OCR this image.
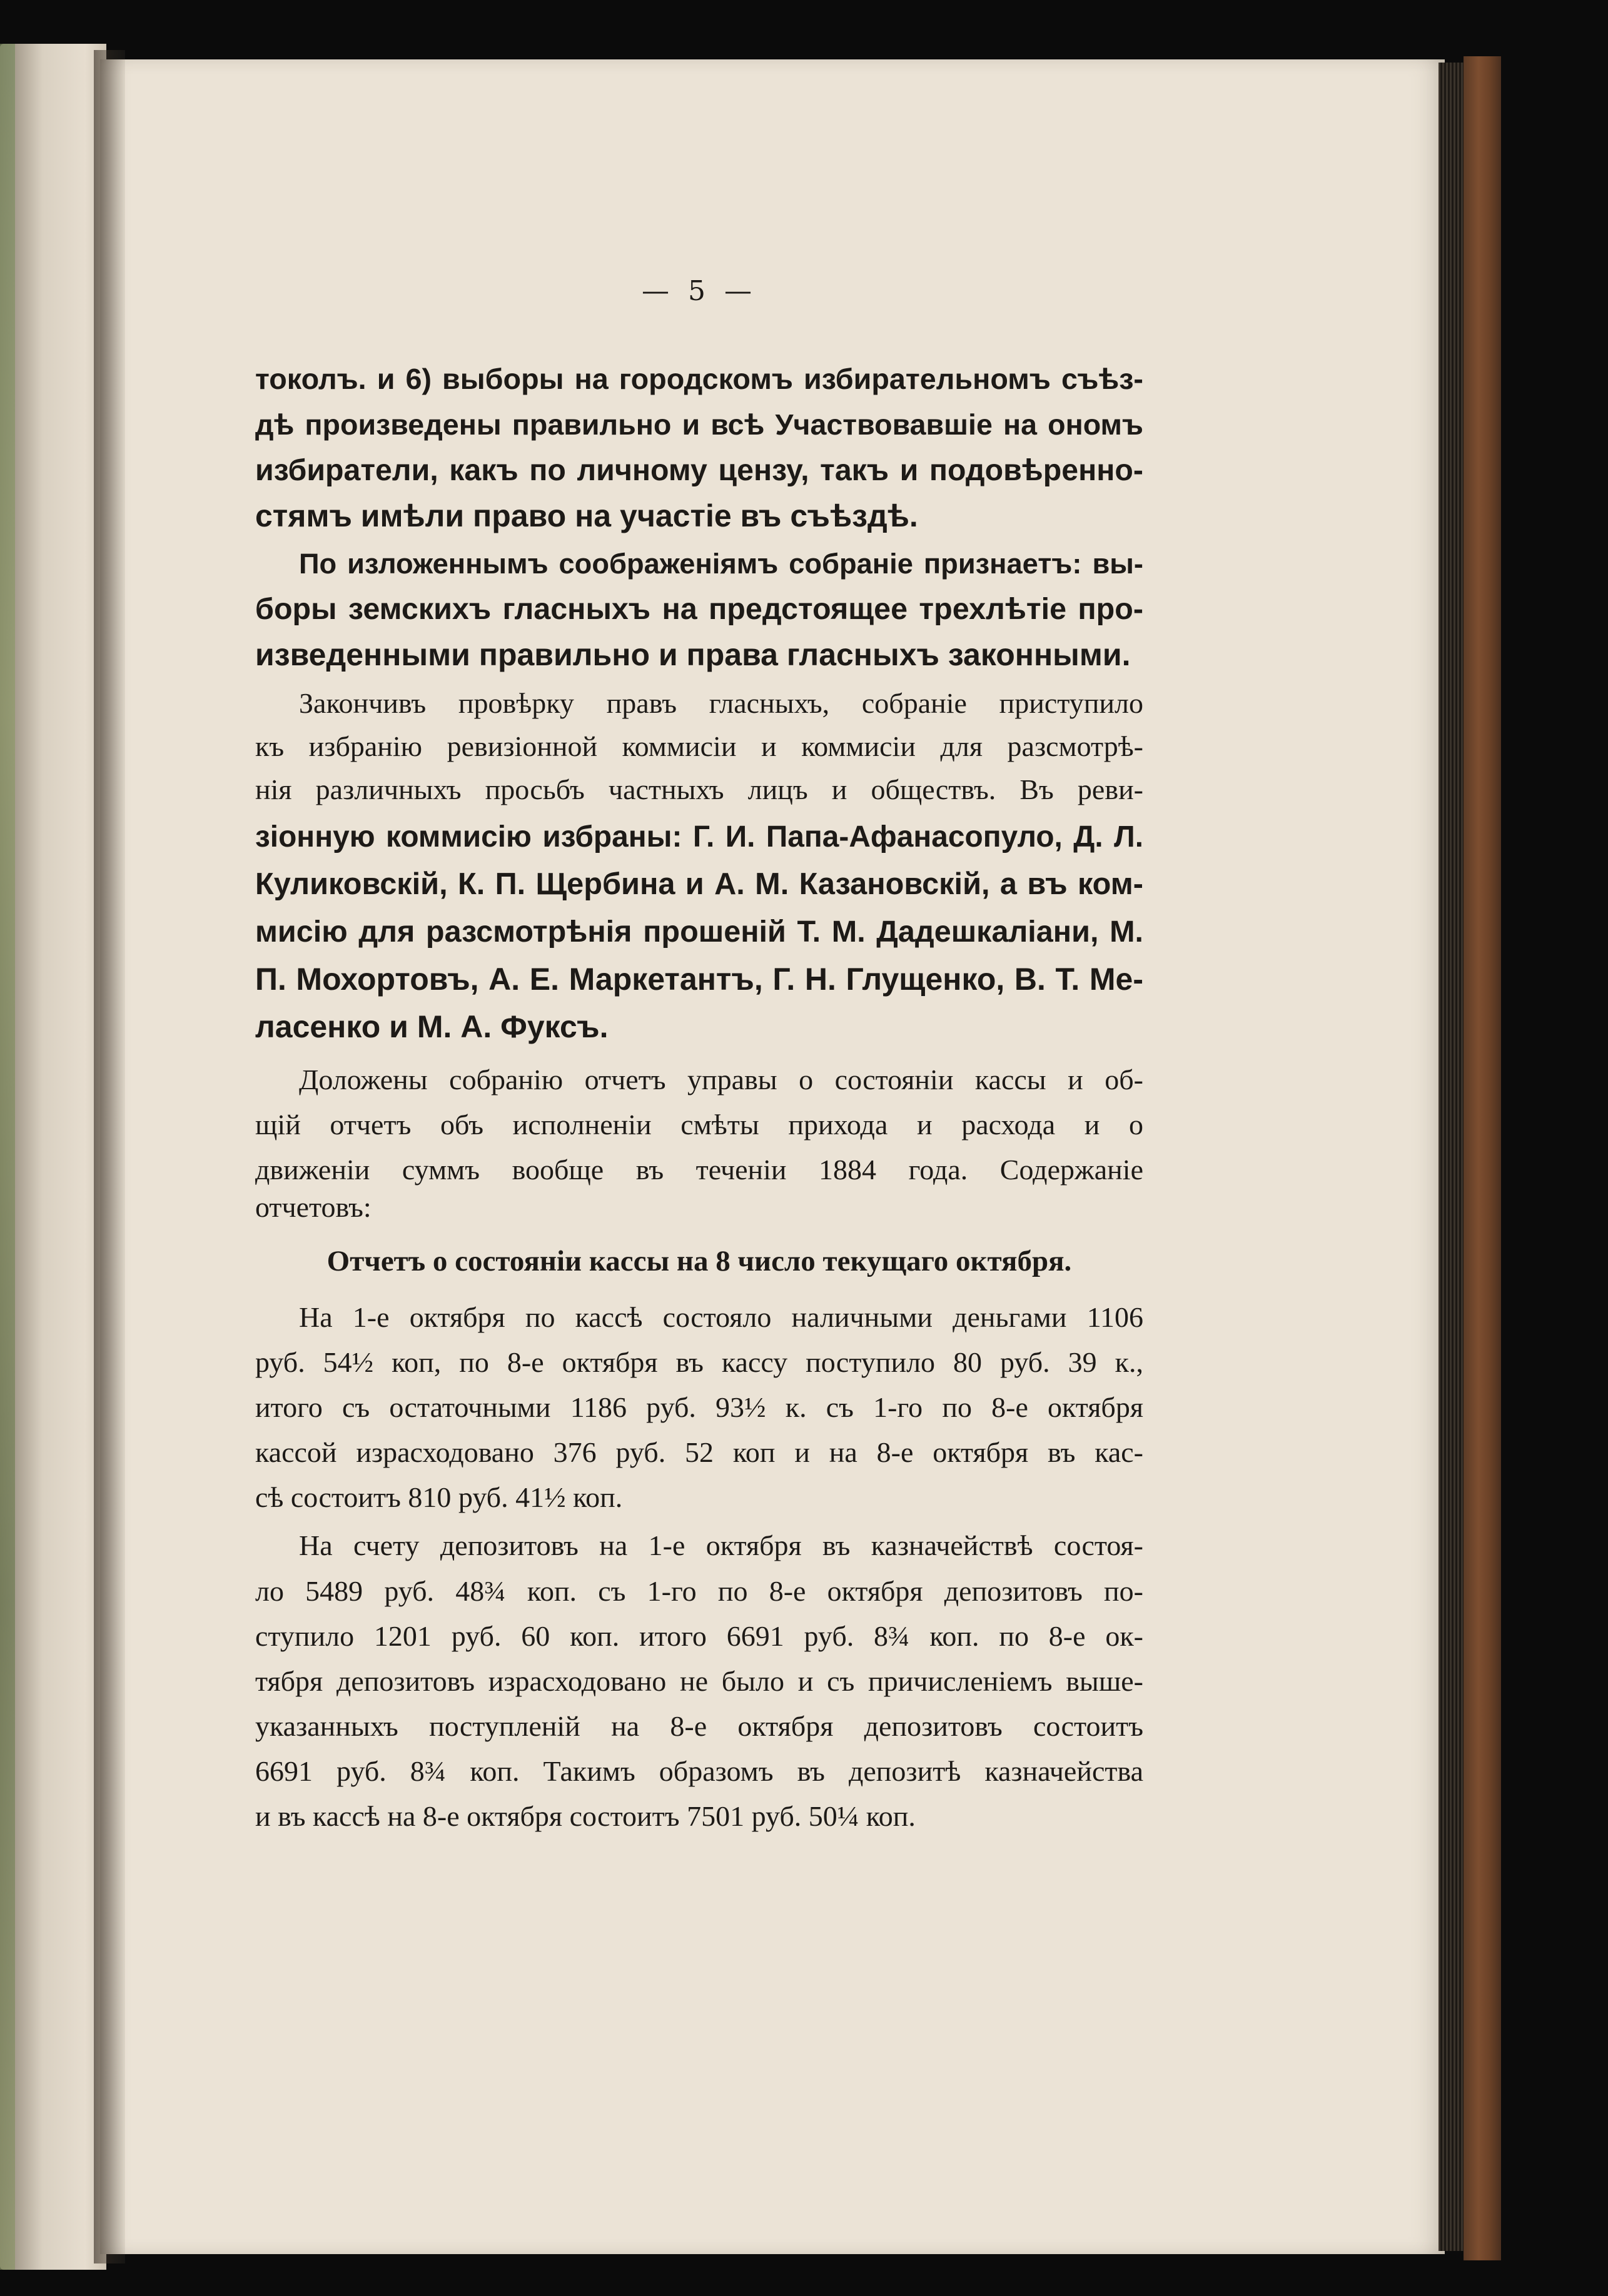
— 5 —
токолъ. и 6) выборы на городскомъ избирательномъ съѣз-
дѣ произведены правильно и всѣ Участвовавшіе на ономъ
избиратели, какъ по личному цензу, такъ и подовѣренно-
стямъ имѣли право на участіе въ съѣздѣ.
По изложеннымъ соображеніямъ собраніе признаетъ: вы-
боры земскихъ гласныхъ на предстоящее трехлѣтіе про-
изведенными правильно и права гласныхъ законными.
Закончивъ провѣрку правъ гласныхъ, собраніе приступило
къ избранію ревизіонной коммисіи и коммисіи для разсмотрѣ-
нія различныхъ просьбъ частныхъ лицъ и обществъ. Въ реви-
зіонную коммисію избраны: Г. И. Папа-Афанасопуло, Д. Л.
Куликовскій, К. П. Щербина и А. М. Казановскій, а въ ком-
мисію для разсмотрѣнія прошеній Т. М. Дадешкаліани, М.
П. Мохортовъ, А. Е. Маркетантъ, Г. Н. Глущенко, В. Т. Ме-
ласенко и М. А. Фуксъ.
Доложены собранію отчетъ управы о состояніи кассы и об-
щій отчетъ объ исполненіи смѣты прихода и расхода и о
движеніи суммъ вообще въ теченіи 1884 года. Содержаніе
отчетовъ:
Отчетъ о состояніи кассы на 8 число текущаго октября.
На 1-е октября по кассѣ состояло наличными деньгами 1106
руб. 54½ коп, по 8-е октября въ кассу поступило 80 руб. 39 к.,
итого съ остаточными 1186 руб. 93½ к. съ 1-го по 8-е октября
кассой израсходовано 376 руб. 52 коп и на 8-е октября въ кас-
сѣ состоитъ 810 руб. 41½ коп.
На счету депозитовъ на 1-е октября въ казначействѣ состоя-
ло 5489 руб. 48¾ коп. съ 1-го по 8-е октября депозитовъ по-
ступило 1201 руб. 60 коп. итого 6691 руб. 8¾ коп. по 8-е ок-
тября депозитовъ израсходовано не было и съ причисленіемъ выше-
указанныхъ поступленій на 8-е октября депозитовъ состоитъ
6691 руб. 8¾ коп. Такимъ образомъ въ депозитѣ казначейства
и въ кассѣ на 8-е октября состоитъ 7501 руб. 50¼ коп.
